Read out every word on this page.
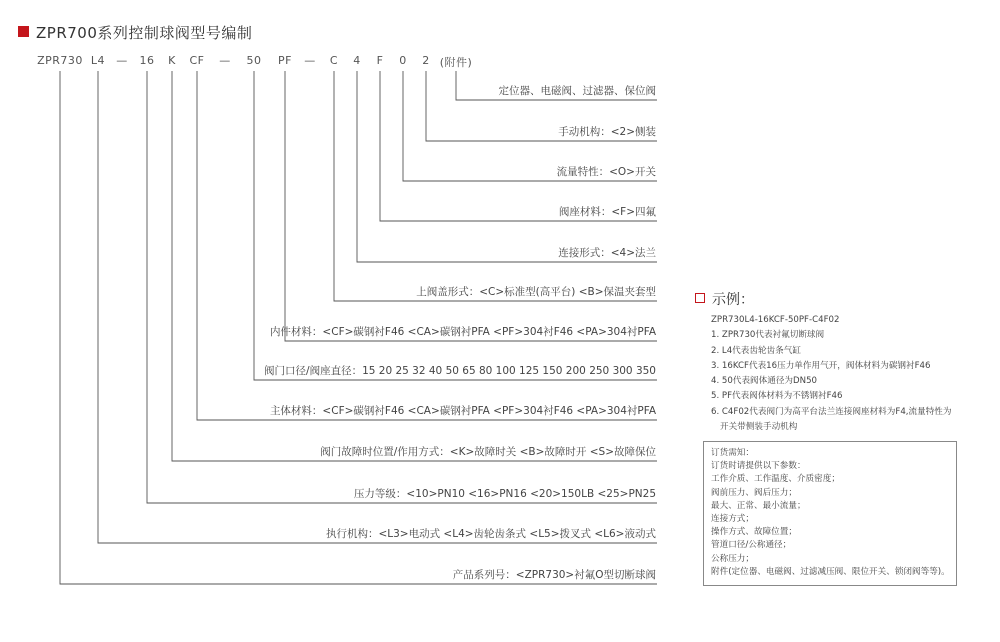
ZPR700系列控制球阀型号编制
ZPR730 L4 — 16 K CF — 50 PF — C 4 F 0 2 (附件)
定位器、电磁阀、过滤器、保位阀
手动机构：<2>侧装
流量特性：<O>开关
阀座材料：<F>四氟
连接形式：<4>法兰
上阀盖形式：<C>标准型(高平台) <B>保温夹套型
内件材料：<CF>碳钢衬F46 <CA>碳钢衬PFA <PF>304衬F46 <PA>304衬PFA
阀门口径/阀座直径：15 20 25 32 40 50 65 80 100 125 150 200 250 300 350
主体材料：<CF>碳钢衬F46 <CA>碳钢衬PFA <PF>304衬F46 <PA>304衬PFA
阀门故障时位置/作用方式：<K>故障时关 <B>故障时开 <S>故障保位
压力等级：<10>PN10 <16>PN16 <20>150LB <25>PN25
执行机构：<L3>电动式 <L4>齿轮齿条式 <L5>拨叉式 <L6>液动式
产品系列号：<ZPR730>衬氟O型切断球阀
示例：
ZPR730L4-16KCF-50PF-C4F02
1. ZPR730代表衬氟切断球阀
2. L4代表齿轮齿条气缸
3. 16KCF代表16压力单作用气开，阀体材料为碳钢衬F46
4. 50代表阀体通径为DN50
5. PF代表阀体材料为不锈钢衬F46
6. C4F02代表阀门为高平台法兰连接阀座材料为F4,流量特性为
开关带侧装手动机构
订货需知：
订货时请提供以下参数：
工作介质、工作温度、介质密度；
阀前压力、阀后压力；
最大、正常、最小流量；
连接方式；
操作方式、故障位置；
管道口径/公称通径；
公称压力；
附件(定位器、电磁阀、过滤减压阀、限位开关、锁闭阀等等)。
